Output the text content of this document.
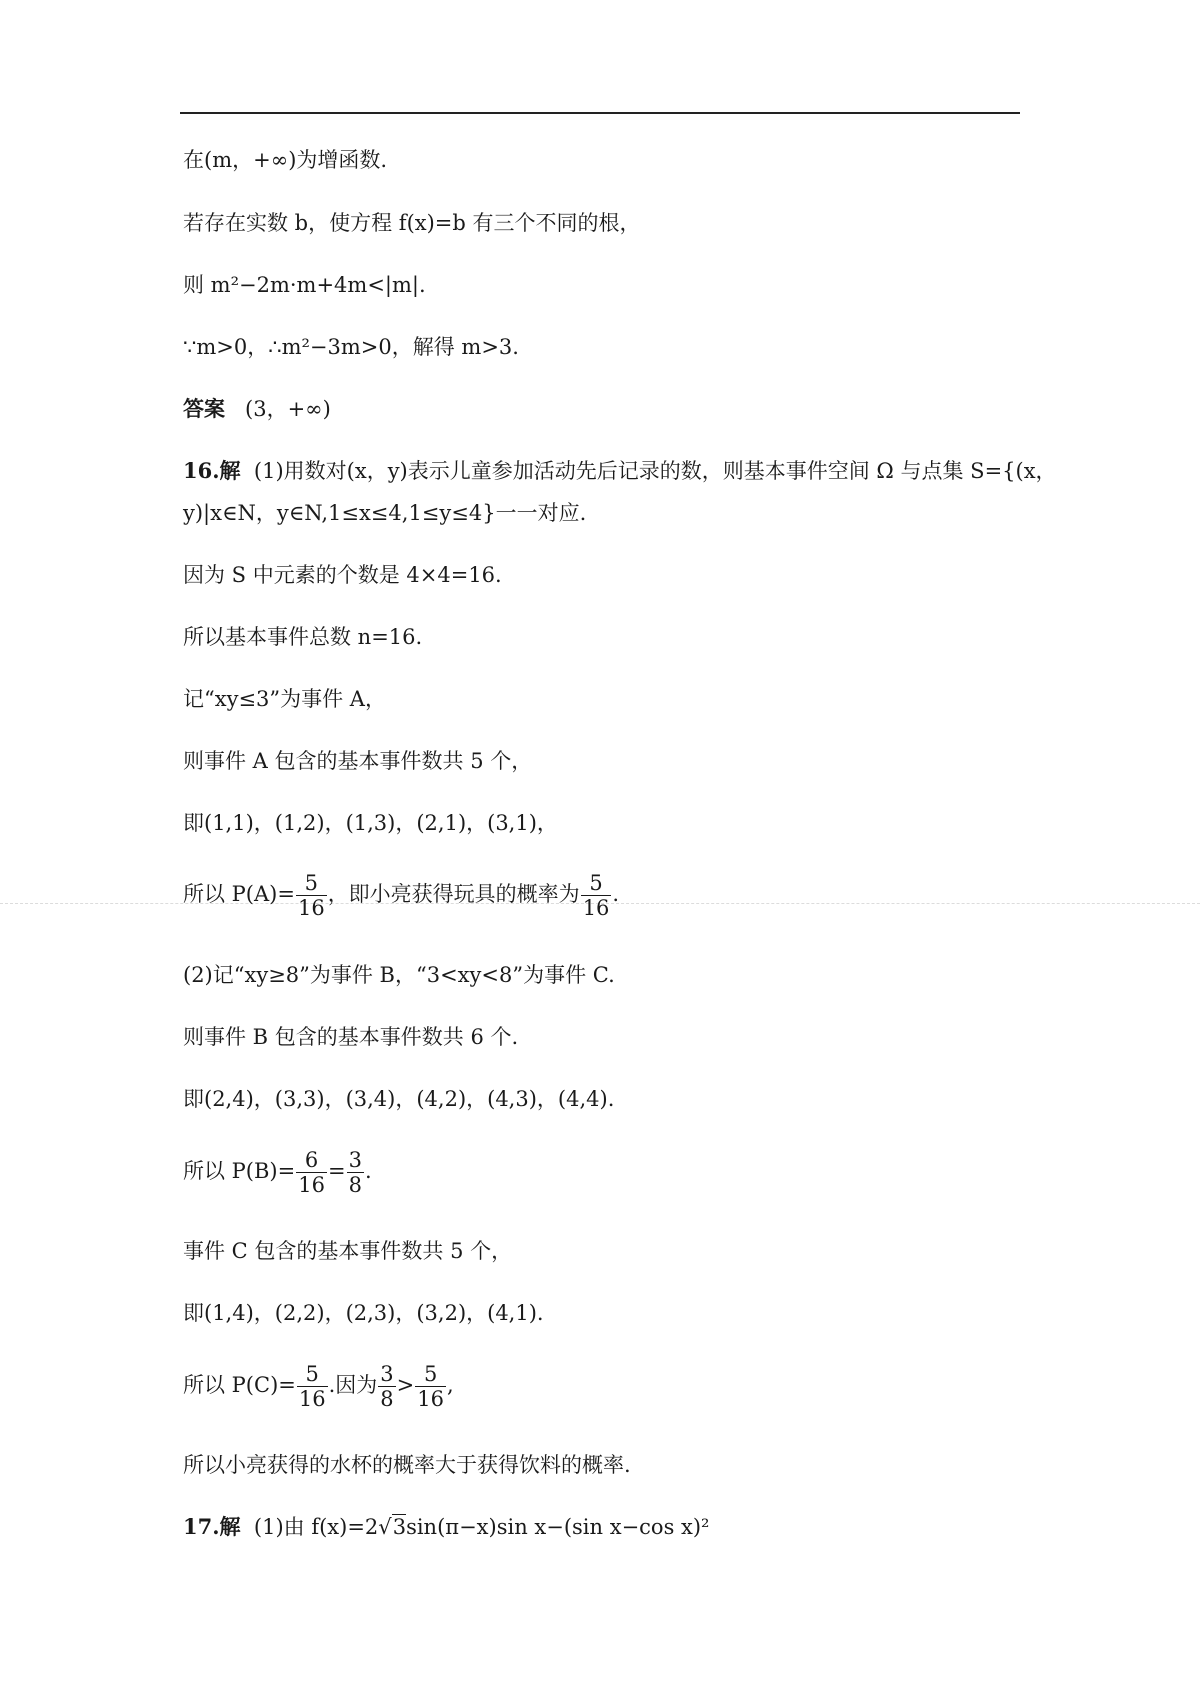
在(m，+∞)为增函数.
若存在实数 b，使方程 f(x)=b 有三个不同的根，
则 m²−2m·m+4m<|m|.
∵m>0，∴m²−3m>0，解得 m>3.
答案 (3，+∞)
16.解 (1)用数对(x，y)表示儿童参加活动先后记录的数，则基本事件空间 Ω 与点集 S={(x，
y)|x∈N，y∈N,1≤x≤4,1≤y≤4}一一对应.
因为 S 中元素的个数是 4×4=16.
所以基本事件总数 n=16.
记“xy≤3”为事件 A，
则事件 A 包含的基本事件数共 5 个，
即(1,1)，(1,2)，(1,3)，(2,1)，(3,1)，
所以 $P(A)= \frac{5}{16}$ ，即小亮获得玩具的概率为 $\frac{5}{16}$ .
(2)记“xy≥8”为事件 B，“3<xy<8”为事件 C.
则事件 B 包含的基本事件数共 6 个.
即(2,4)，(3,3)，(3,4)，(4,2)，(4,3)，(4,4).
所以 $P(B)= \frac{6}{16} = \frac{3}{8}$ .
事件 C 包含的基本事件数共 5 个，
即(1,4)，(2,2)，(2,3)，(3,2)，(4,1).
所以 $P(C)= \frac{5}{16}$ .因为 $\frac{3}{8} > \frac{5}{16}$ ,
所以小亮获得的水杯的概率大于获得饮料的概率.
17.解 (1)由 f(x)=2√3sin(π−x)sin x−(sin x−cos x)²
